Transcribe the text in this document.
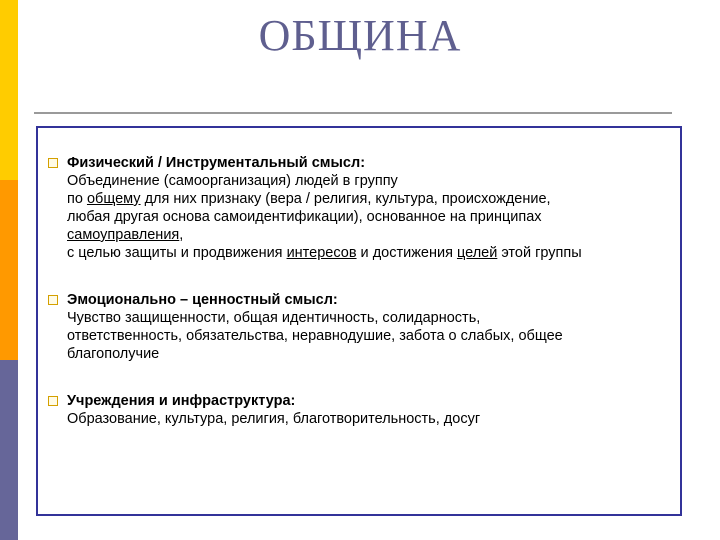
ОБЩИНА
Физический / Инструментальный смысл:
Объединение (самоорганизация) людей в группу
по общему для них признаку (вера / религия, культура, происхождение,
любая другая основа самоидентификации), основанное на принципах
самоуправления,
с целью защиты и продвижения интересов и достижения целей этой группы
Эмоционально – ценностный смысл:
Чувство защищенности, общая идентичность, солидарность,
ответственность, обязательства, неравнодушие, забота о слабых, общее
благополучие
Учреждения и инфраструктура:
Образование, культура, религия, благотворительность, досуг
